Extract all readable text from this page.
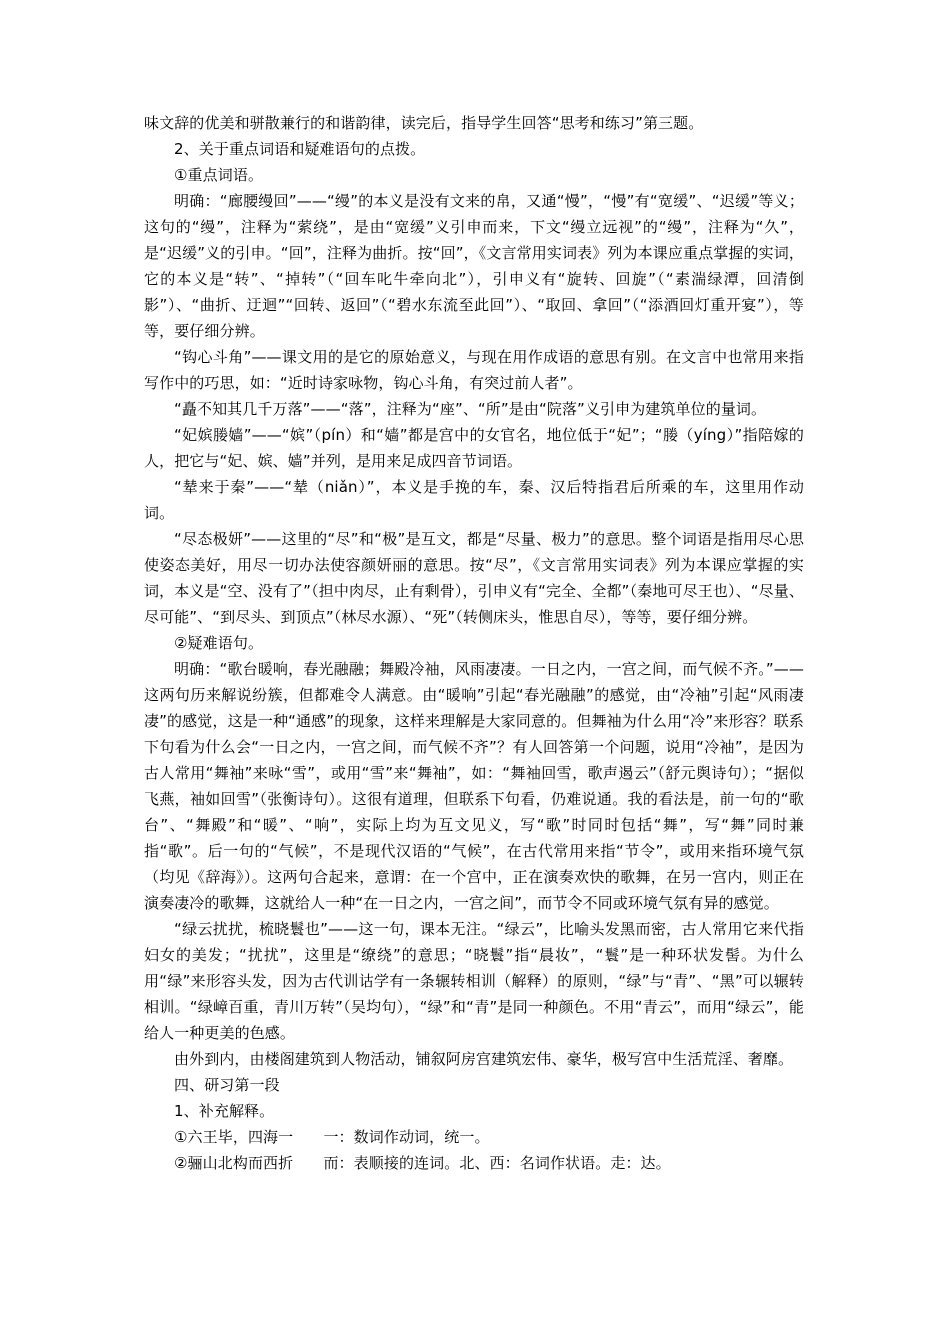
味文辞的优美和骈散兼行的和谐韵律，读完后，指导学生回答“思考和练习”第三题。

2、关于重点词语和疑难语句的点拨。

①重点词语。

明确：“廊腰缦回”——“缦”的本义是没有文来的帛，又通“慢”，“慢”有“宽缓”、“迟缓”等义；这句的“缦”，注释为“萦绕”，是由“宽缓”义引申而来，下文“缦立远视”的“缦”，注释为“久”，是“迟缓”义的引申。“回”，注释为曲折。按“回”，《文言常用实词表》列为本课应重点掌握的实词，它的本义是“转”、“掉转”（“回车叱牛牵向北”），引申义有“旋转、回旋”（“素湍绿潭，回清倒影”）、“曲折、迂迴”“回转、返回”（“碧水东流至此回”）、“取回、拿回”（“添酒回灯重开宴”），等等，要仔细分辨。

“钩心斗角”——课文用的是它的原始意义，与现在用作成语的意思有别。在文言中也常用来指写作中的巧思，如：“近时诗家咏物，钩心斗角，有突过前人者”。

“矗不知其几千万落”——“落”，注释为“座”、“所”是由“院落”义引申为建筑单位的量词。

“妃嫔媵嫱”——“嫔”（pín）和“嫱”都是宫中的女官名，地位低于“妃”；“媵（yíng）”指陪嫁的人，把它与“妃、嫔、嫱”并列，是用来足成四音节词语。

“辇来于秦”——“辇（niǎn）”，本义是手挽的车，秦、汉后特指君后所乘的车，这里用作动词。

“尽态极妍”——这里的“尽”和“极”是互文，都是“尽量、极力”的意思。整个词语是指用尽心思使姿态美好，用尽一切办法使容颜妍丽的意思。按“尽”，《文言常用实词表》列为本课应掌握的实词，本义是“空、没有了”（担中肉尽，止有剩骨），引申义有“完全、全都”（秦地可尽王也）、“尽量、尽可能”、“到尽头、到顶点”（林尽水源）、“死”（转侧床头，惟思自尽），等等，要仔细分辨。

②疑难语句。

明确：“歌台暖响，春光融融；舞殿冷袖，风雨凄凄。一日之内，一宫之间，而气候不齐。”——这两句历来解说纷簇，但都难令人满意。由“暖响”引起“春光融融”的感觉，由“冷袖”引起“风雨凄凄”的感觉，这是一种“通感”的现象，这样来理解是大家同意的。但舞袖为什么用“冷”来形容？联系下句看为什么会“一日之内，一宫之间，而气候不齐”？有人回答第一个问题，说用“冷袖”，是因为古人常用“舞袖”来咏“雪”，或用“雪”来“舞袖”，如：“舞袖回雪，歌声遏云”（舒元舆诗句）；“据似飞燕，袖如回雪”（张衡诗句）。这很有道理，但联系下句看，仍难说通。我的看法是，前一句的“歌台”、“舞殿”和“暖”、“响”，实际上均为互文见义，写“歌”时同时包括“舞”，写“舞”同时兼指“歌”。后一句的“气候”，不是现代汉语的“气候”，在古代常用来指“节令”，或用来指环境气氛（均见《辞海》）。这两句合起来，意谓：在一个宫中，正在演奏欢快的歌舞，在另一宫内，则正在演奏凄冷的歌舞，这就给人一种“在一日之内，一宫之间”，而节令不同或环境气氛有异的感觉。

“绿云扰扰，梳晓鬟也”——这一句，课本无注。“绿云”，比喻头发黑而密，古人常用它来代指妇女的美发；“扰扰”，这里是“缭绕”的意思；“晓鬟”指“晨妆”，“鬟”是一种环状发髻。为什么用“绿”来形容头发，因为古代训诂学有一条辗转相训（解释）的原则，“绿”与“青”、“黑”可以辗转相训。“绿嶂百重，青川万转”（吴均句），“绿”和“青”是同一种颜色。不用“青云”，而用“绿云”，能给人一种更美的色感。

由外到内，由楼阁建筑到人物活动，铺叙阿房宫建筑宏伟、豪华，极写宫中生活荒淫、奢靡。

四、研习第一段

1、补充解释。

①六王毕，四海一　　一：数词作动词，统一。

②骊山北构而西折　　而：表顺接的连词。北、西：名词作状语。走：达。
